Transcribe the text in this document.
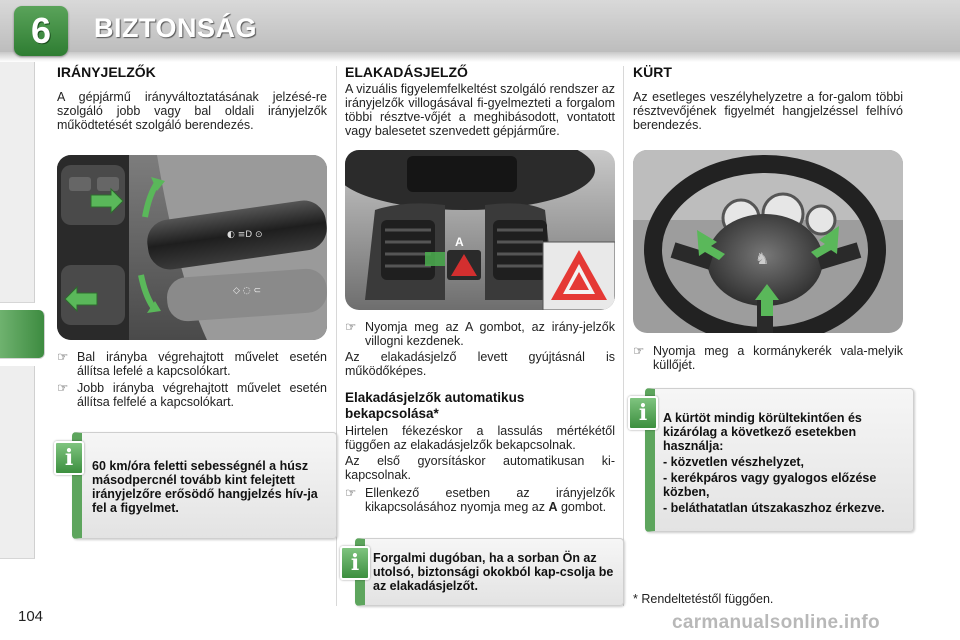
6 BIZTONSÁG
IRÁNYJELZŐK

A gépjármű irányváltoztatásának jelzésé-re szolgáló jobb vagy bal oldali irányjelzők működtetését szolgáló berendezés.

◐ ≡D ⊙
◇ ◌ ⊂
☞ Bal irányba végrehajtott művelet esetén állítsa lefelé a kapcsolókart.
☞ Jobb irányba végrehajtott művelet esetén állítsa felfelé a kapcsolókart.
60 km/óra feletti sebességnél a húsz másodpercnél tovább kint felejtett irányjelzőre erősödő hangjelzés hív-ja fel a figyelmet.
i
ELAKADÁSJELZŐ

A vizuális figyelemfelkeltést szolgáló rendszer az irányjelzők villogásával fi-gyelmezteti a forgalom többi résztve-vőjét a meghibásodott, vontatott vagy balesetet szenvedett gépjárműre.

A
☞ Nyomja meg az A gombot, az irány-jelzők villogni kezdenek.

Az elakadásjelző levett gyújtásnál is működőképes.

Elakadásjelzők automatikus bekapcsolása*

Hirtelen fékezéskor a lassulás mértékétől függően az elakadásjelzők bekapcsolnak.

Az első gyorsításkor automatikusan ki-kapcsolnak.

☞ Ellenkező esetben az irányjelzők kikapcsolásához nyomja meg az A gombot.
Forgalmi dugóban, ha a sorban Ön az utolsó, biztonsági okokból kap-csolja be az elakadásjelzőt.
i
KÜRT

Az esetleges veszélyhelyzetre a for-galom többi résztvevőjének figyelmét hangjelzéssel felhívó berendezés.

♞
☞ Nyomja meg a kormánykerék vala-melyik küllőjét.
A kürtöt mindig körültekintően és kizárólag a következő esetekben használja:
- közvetlen vészhelyzet,
- kerékpáros vagy gyalogos előzése közben,
- beláthatatlan útszakaszhoz érkezve.
i

* Rendeltetéstől függően.

104	carmanualsonline.info
